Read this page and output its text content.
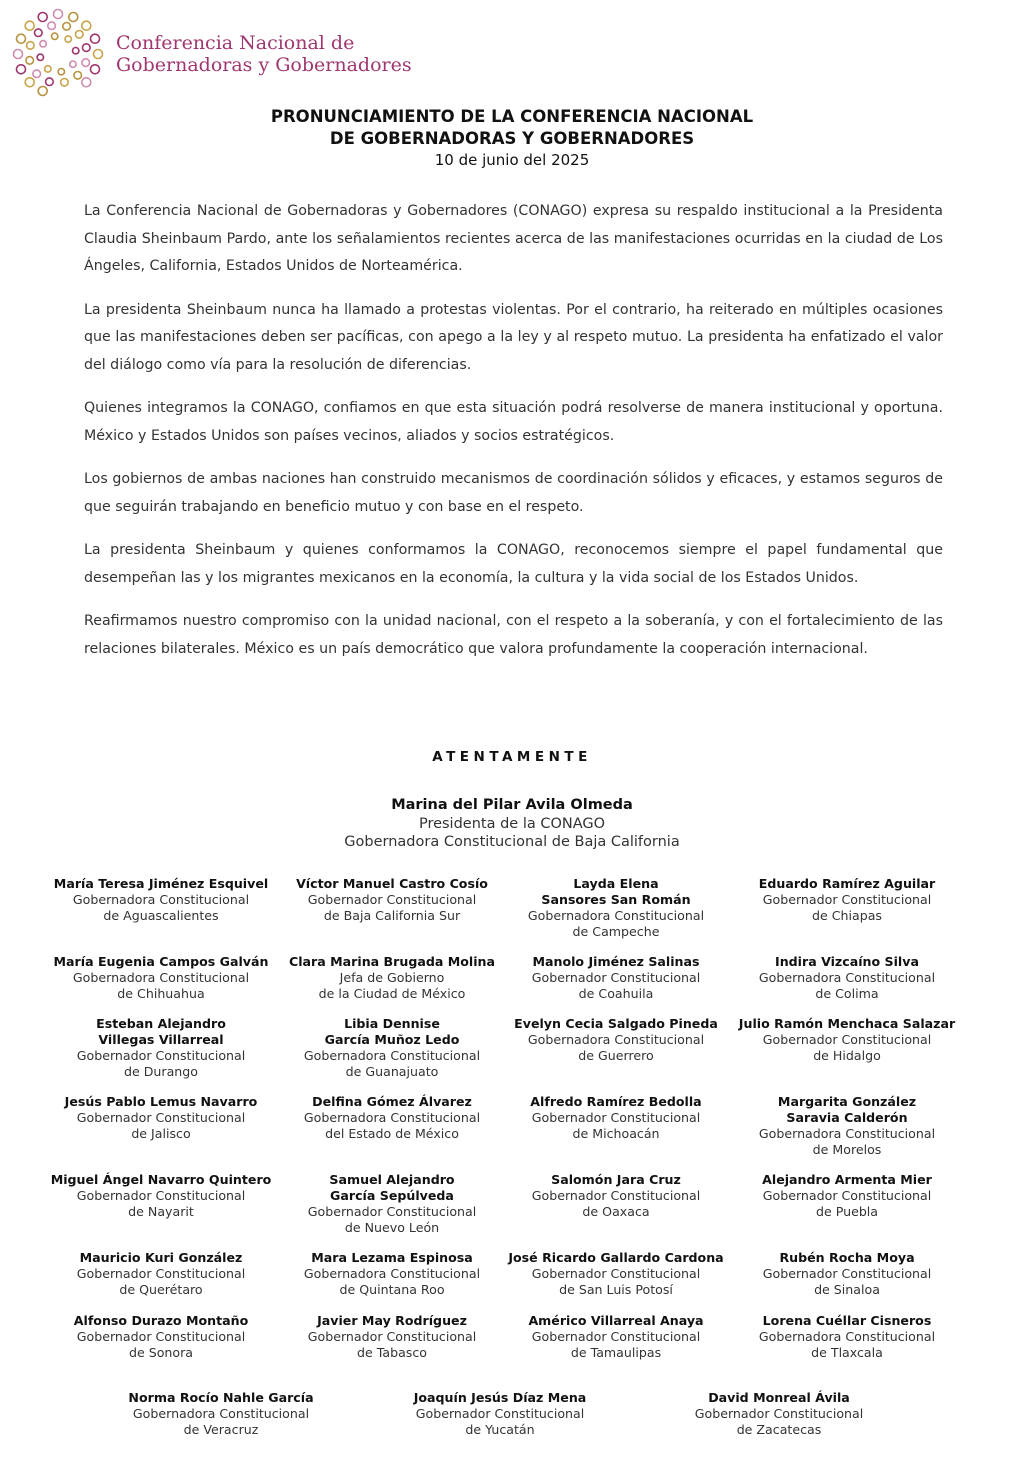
Conferencia Nacional de
Gobernadoras y Gobernadores
PRONUNCIAMIENTO DE LA CONFERENCIA NACIONAL
DE GOBERNADORAS Y GOBERNADORES
10 de junio del 2025

La Conferencia Nacional de Gobernadoras y Gobernadores (CONAGO) expresa su respaldo institucional a la Presidenta Claudia Sheinbaum Pardo, ante los señalamientos recientes acerca de las manifestaciones ocurridas en la ciudad de Los Ángeles, California, Estados Unidos de Norteamérica.

La presidenta Sheinbaum nunca ha llamado a protestas violentas. Por el contrario, ha reiterado en múltiples ocasiones que las manifestaciones deben ser pacíficas, con apego a la ley y al respeto mutuo. La presidenta ha enfatizado el valor del diálogo como vía para la resolución de diferencias.

Quienes integramos la CONAGO, confiamos en que esta situación podrá resolverse de manera institucional y oportuna. México y Estados Unidos son países vecinos, aliados y socios estratégicos.

Los gobiernos de ambas naciones han construido mecanismos de coordinación sólidos y eficaces, y estamos seguros de que seguirán trabajando en beneficio mutuo y con base en el respeto.

La presidenta Sheinbaum y quienes conformamos la CONAGO, reconocemos siempre el papel fundamental que desempeñan las y los migrantes mexicanos en la economía, la cultura y la vida social de los Estados Unidos.

Reafirmamos nuestro compromiso con la unidad nacional, con el respeto a la soberanía, y con el fortalecimiento de las relaciones bilaterales. México es un país democrático que valora profundamente la cooperación internacional.

ATENTAMENTE
Marina del Pilar Avila Olmeda
Presidenta de la CONAGO
Gobernadora Constitucional de Baja California
María Teresa Jiménez Esquivel
Gobernadora Constitucional
de Aguascalientes
Víctor Manuel Castro Cosío
Gobernador Constitucional
de Baja California Sur
Layda Elena
Sansores San Román
Gobernadora Constitucional
de Campeche
Eduardo Ramírez Aguilar
Gobernador Constitucional
de Chiapas
María Eugenia Campos Galván
Gobernadora Constitucional
de Chihuahua
Clara Marina Brugada Molina
Jefa de Gobierno
de la Ciudad de México
Manolo Jiménez Salinas
Gobernador Constitucional
de Coahuila
Indira Vizcaíno Silva
Gobernadora Constitucional
de Colima
Esteban Alejandro
Villegas Villarreal
Gobernador Constitucional
de Durango
Libia Dennise
García Muñoz Ledo
Gobernadora Constitucional
de Guanajuato
Evelyn Cecia Salgado Pineda
Gobernadora Constitucional
de Guerrero
Julio Ramón Menchaca Salazar
Gobernador Constitucional
de Hidalgo
Jesús Pablo Lemus Navarro
Gobernador Constitucional
de Jalisco
Delfina Gómez Álvarez
Gobernadora Constitucional
del Estado de México
Alfredo Ramírez Bedolla
Gobernador Constitucional
de Michoacán
Margarita González
Saravia Calderón
Gobernadora Constitucional
de Morelos
Miguel Ángel Navarro Quintero
Gobernador Constitucional
de Nayarit
Samuel Alejandro
García Sepúlveda
Gobernador Constitucional
de Nuevo León
Salomón Jara Cruz
Gobernador Constitucional
de Oaxaca
Alejandro Armenta Mier
Gobernador Constitucional
de Puebla
Mauricio Kuri González
Gobernador Constitucional
de Querétaro
Mara Lezama Espinosa
Gobernadora Constitucional
de Quintana Roo
José Ricardo Gallardo Cardona
Gobernador Constitucional
de San Luis Potosí
Rubén Rocha Moya
Gobernador Constitucional
de Sinaloa
Alfonso Durazo Montaño
Gobernador Constitucional
de Sonora
Javier May Rodríguez
Gobernador Constitucional
de Tabasco
Américo Villarreal Anaya
Gobernador Constitucional
de Tamaulipas
Lorena Cuéllar Cisneros
Gobernadora Constitucional
de Tlaxcala
Norma Rocío Nahle García
Gobernadora Constitucional
de Veracruz
Joaquín Jesús Díaz Mena
Gobernador Constitucional
de Yucatán
David Monreal Ávila
Gobernador Constitucional
de Zacatecas
